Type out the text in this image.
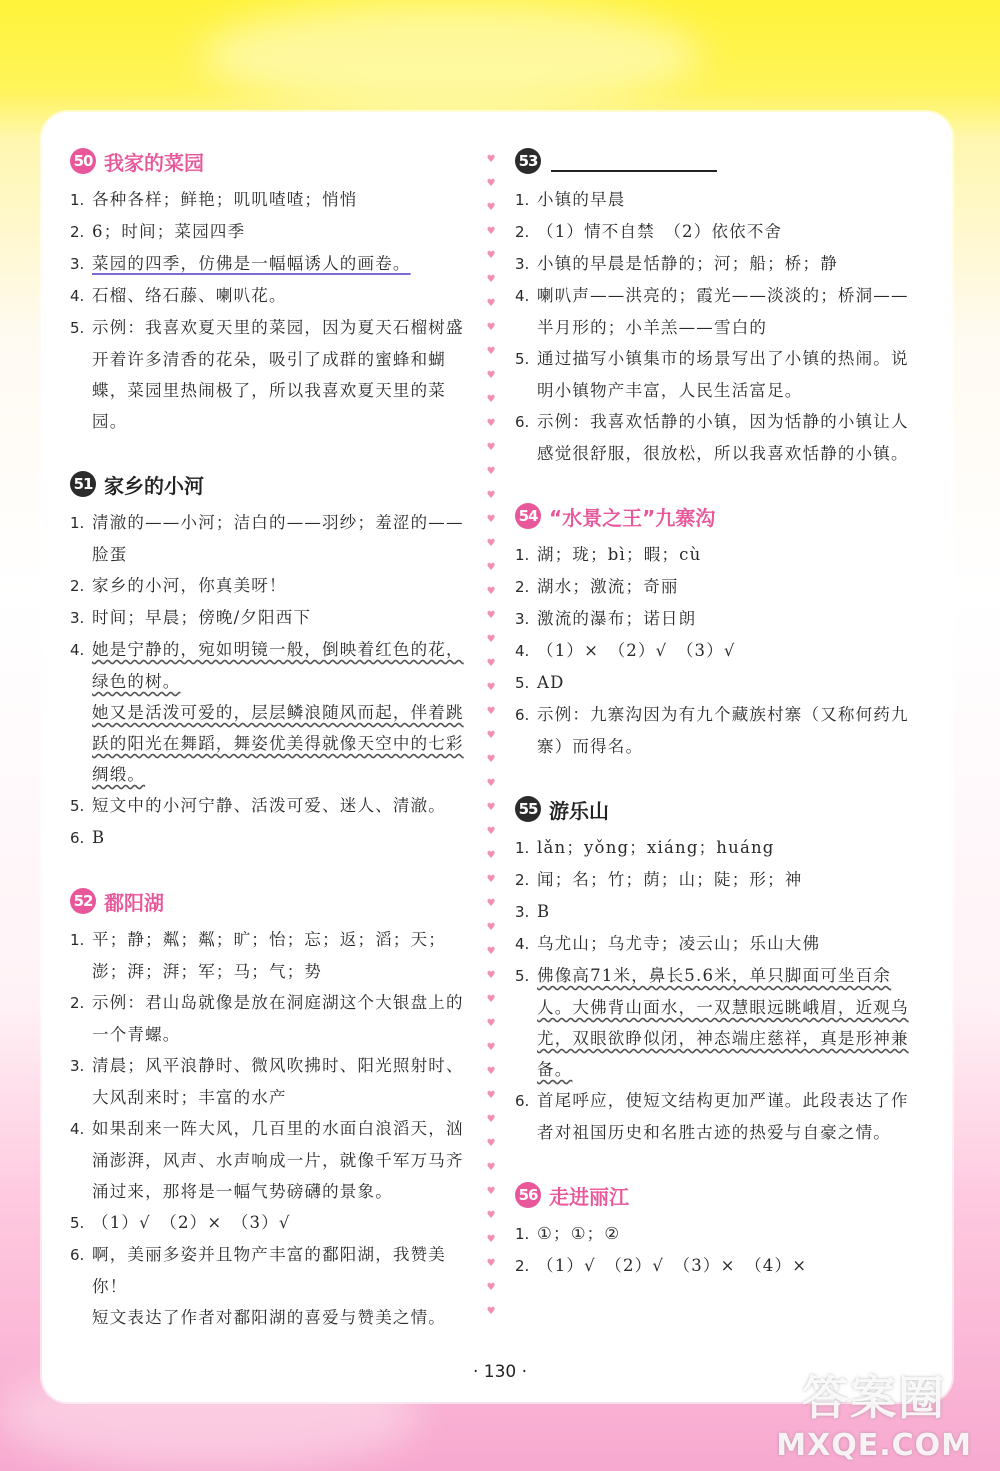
♥
♥
♥
♥
♥
♥
♥
♥
♥
♥
♥
♥
♥
♥
♥
♥
♥
♥
♥
♥
♥
♥
♥
♥
♥
♥
♥
♥
♥
♥
♥
♥
♥
♥
♥
♥
♥
♥
♥
♥
♥
♥
♥
♥
♥
♥
♥
♥
♥

50 我家的菜园
1. 各种各样；鲜艳；叽叽喳喳；悄悄
2. 6；时间；菜园四季
3. 菜园的四季，仿佛是一幅幅诱人的画卷。
4. 石榴、络石藤、喇叭花。
5. 示例：我喜欢夏天里的菜园，因为夏天石榴树盛开着许多清香的花朵，吸引了成群的蜜蜂和蝴蝶，菜园里热闹极了，所以我喜欢夏天里的菜园。
51 家乡的小河
1. 清澈的——小河；洁白的——羽纱；羞涩的——脸蛋
2. 家乡的小河，你真美呀！
3. 时间；早晨；傍晚/夕阳西下
4. 她是宁静的，宛如明镜一般，倒映着红色的花，绿色的树。
她又是活泼可爱的，层层鳞浪随风而起，伴着跳跃的阳光在舞蹈，舞姿优美得就像天空中的七彩绸缎。
5. 短文中的小河宁静、活泼可爱、迷人、清澈。
6. B
52 鄱阳湖
1. 平；静；粼；粼；旷；怡；忘；返；滔；天；澎；湃；湃；军；马；气；势
2. 示例：君山岛就像是放在洞庭湖这个大银盘上的一个青螺。
3. 清晨；风平浪静时、微风吹拂时、阳光照射时、大风刮来时；丰富的水产
4. 如果刮来一阵大风，几百里的水面白浪滔天，汹涌澎湃，风声、水声响成一片，就像千军万马齐涌过来，那将是一幅气势磅礴的景象。
5. （1）√　（2）×　（3）√
6. 啊，美丽多姿并且物产丰富的鄱阳湖，我赞美你！
短文表达了作者对鄱阳湖的喜爱与赞美之情。
53
1. 小镇的早晨
2. （1）情不自禁　（2）依依不舍
3. 小镇的早晨是恬静的；河；船；桥；静
4. 喇叭声——洪亮的；霞光——淡淡的；桥洞——半月形的；小羊羔——雪白的
5. 通过描写小镇集市的场景写出了小镇的热闹。说明小镇物产丰富，人民生活富足。
6. 示例：我喜欢恬静的小镇，因为恬静的小镇让人感觉很舒服，很放松，所以我喜欢恬静的小镇。
54 “水景之王”九寨沟
1. 湖；珑；bì；暇；cù
2. 湖水；激流；奇丽
3. 激流的瀑布；诺日朗
4. （1）×　（2）√　（3）√
5. AD
6. 示例：九寨沟因为有九个藏族村寨（又称何药九寨）而得名。
55 游乐山
1. lǎn；yǒng；xiáng；huáng
2. 闻；名；竹；荫；山；陡；形；神
3. B
4. 乌尤山；乌尤寺；凌云山；乐山大佛
5. 佛像高71米，鼻长5.6米，单只脚面可坐百余人。大佛背山面水，一双慧眼远眺峨眉，近观乌尤，双眼欲睁似闭，神态端庄慈祥，真是形神兼备。
6. 首尾呼应，使短文结构更加严谨。此段表达了作者对祖国历史和名胜古迹的热爱与自豪之情。
56 走进丽江
1. ①；①；②
2. （1）√　（2）√　（3）×　（4）×
· 130 ·	答案圈
MXQE.COM
